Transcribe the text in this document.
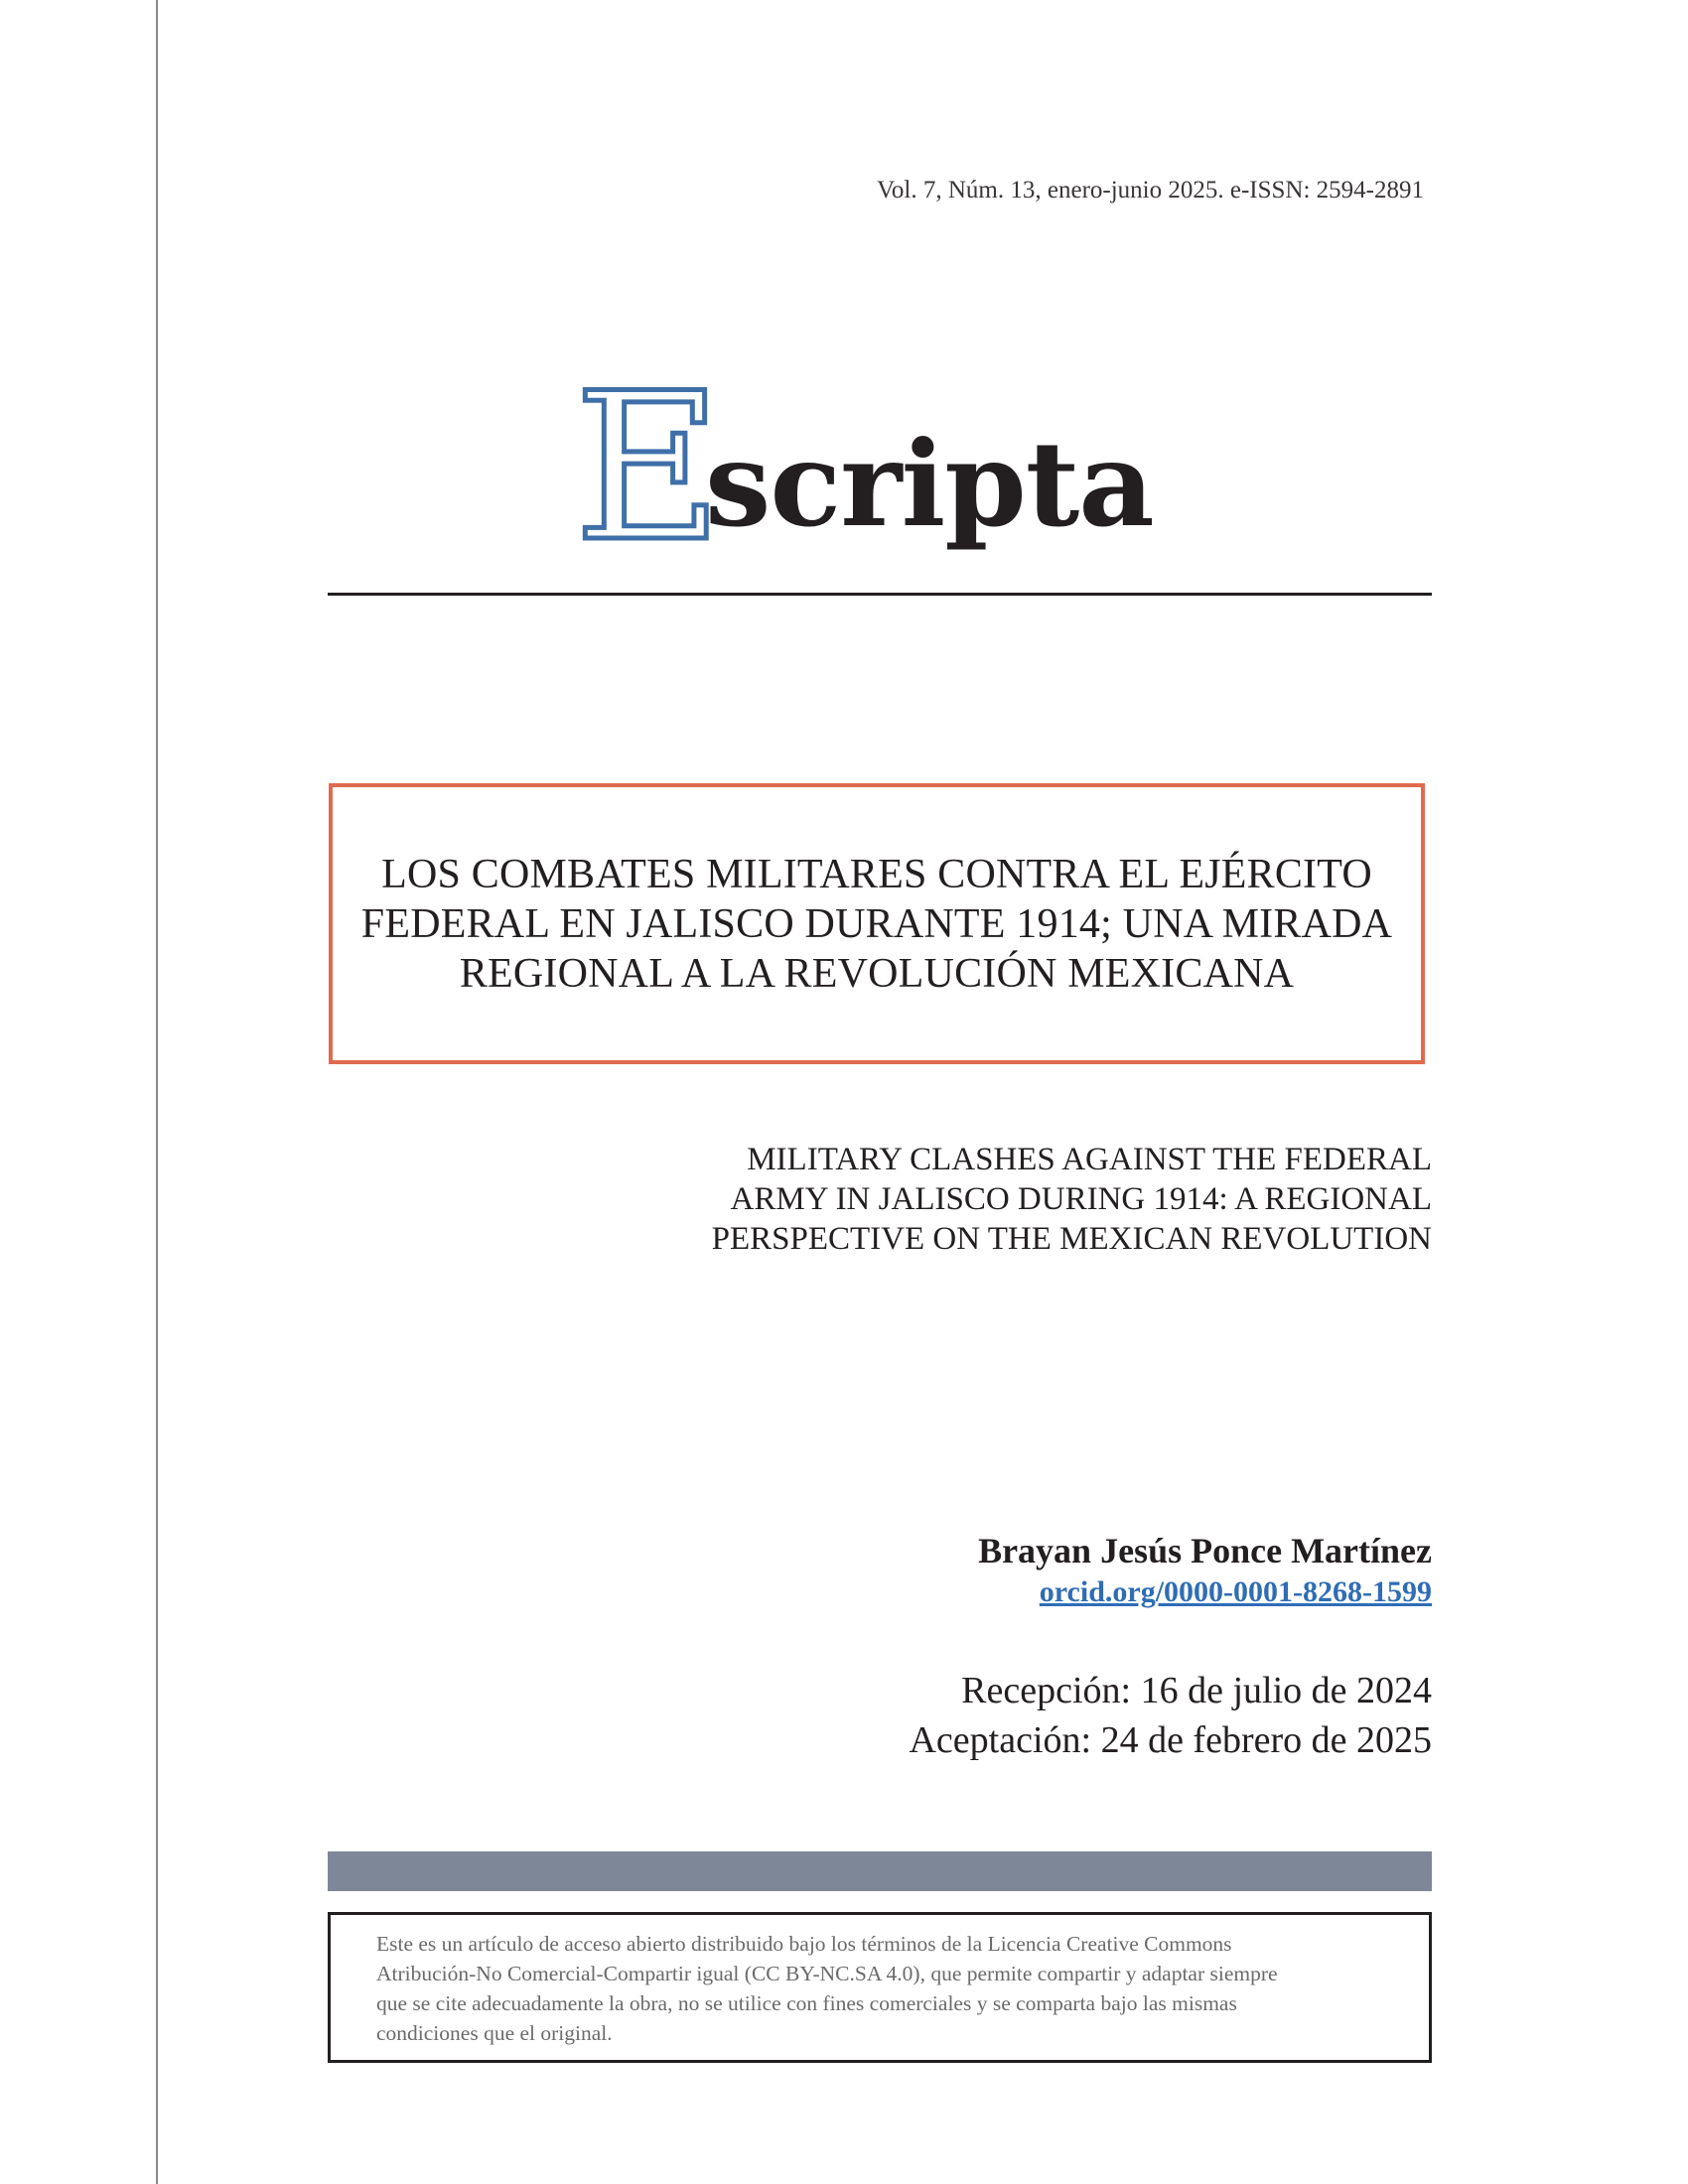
Vol. 7, Núm. 13, enero-junio 2025. e-ISSN: 2594-2891
E
scripta
LOS COMBATES MILITARES CONTRA EL EJÉRCITO
FEDERAL EN JALISCO DURANTE 1914; UNA MIRADA
REGIONAL A LA REVOLUCIÓN MEXICANA
MILITARY CLASHES AGAINST THE FEDERAL
ARMY IN JALISCO DURING 1914: A REGIONAL
PERSPECTIVE ON THE MEXICAN REVOLUTION
Brayan Jesús Ponce Martínez
orcid.org/0000-0001-8268-1599
Recepción: 16 de julio de 2024
Aceptación: 24 de febrero de 2025

Este es un artículo de acceso abierto distribuido bajo los términos de la Licencia Creative Commons
Atribución-No Comercial-Compartir igual (CC BY-NC.SA 4.0), que permite compartir y adaptar siempre
que se cite adecuadamente la obra, no se utilice con fines comerciales y se comparta bajo las mismas
condiciones que el original.
